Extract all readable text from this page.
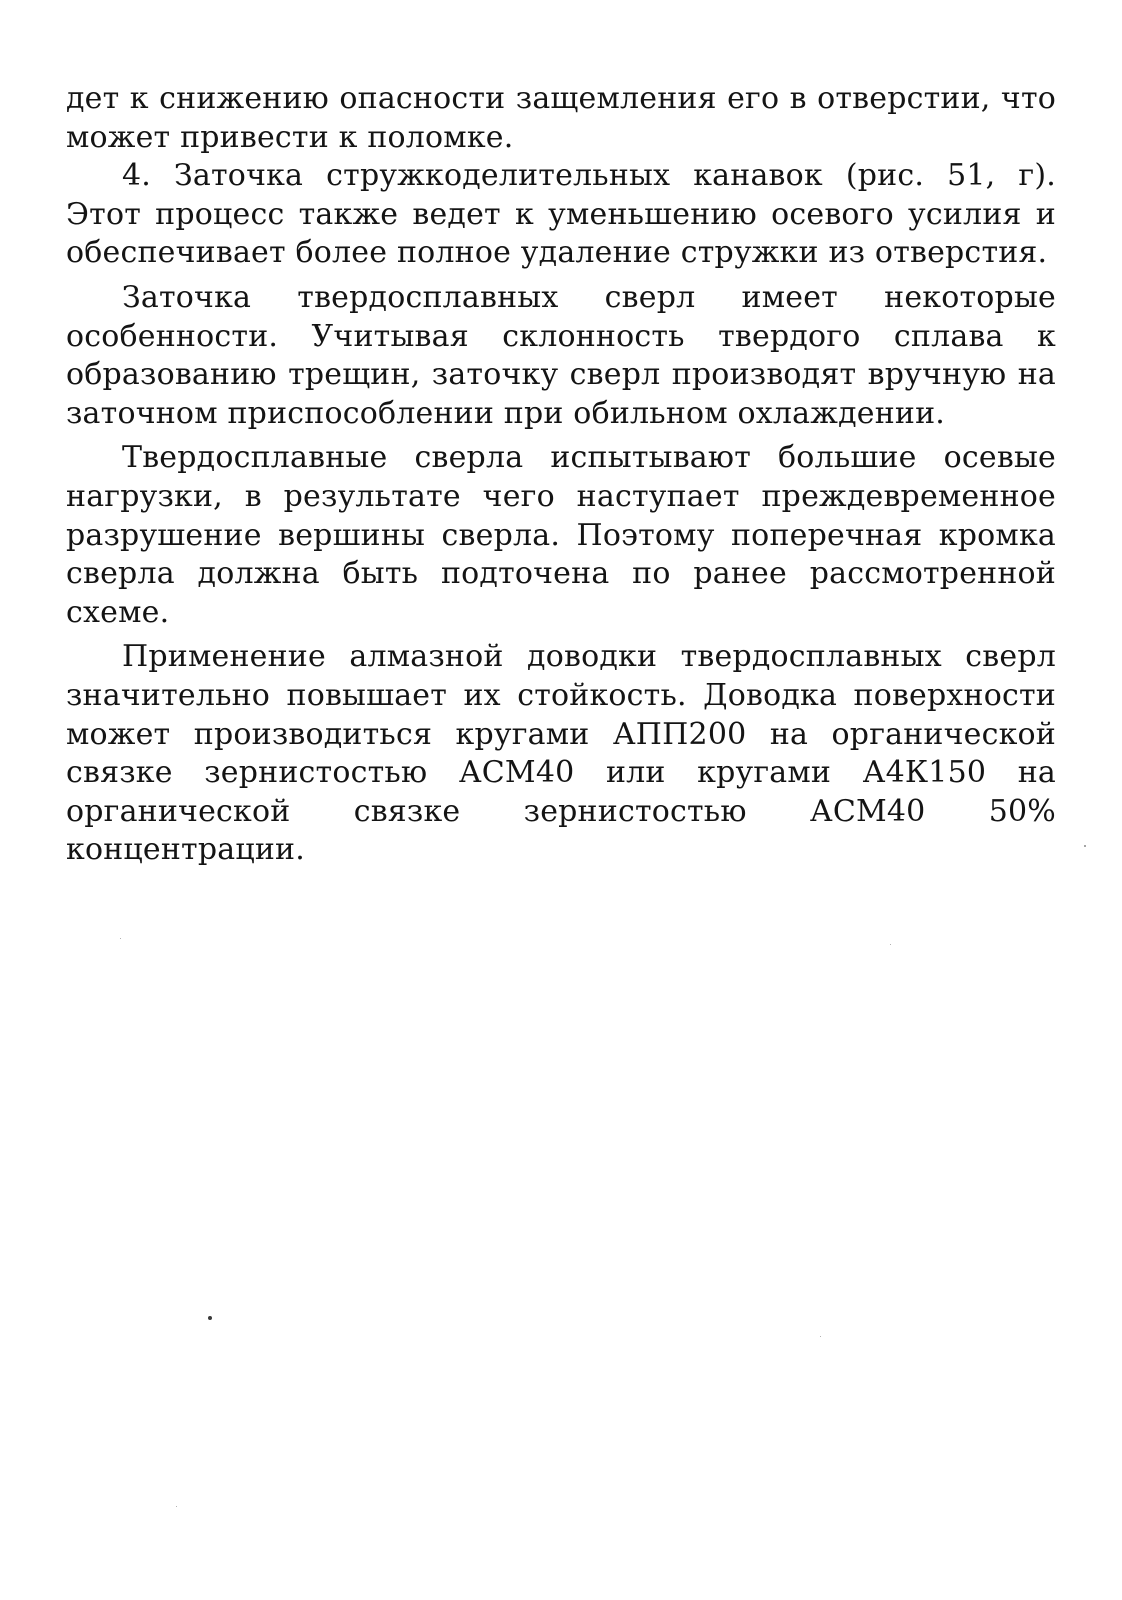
дет к снижению опасности защемления его в отверстии, что может привести к поломке.

4. Заточка стружкоделительных канавок (рис. 51, г). Этот процесс также ведет к уменьшению осевого усилия и обеспечивает более полное удаление стружки из отверстия.

Заточка твердосплавных сверл имеет некоторые особенности. Учитывая склонность твердого сплава к образованию трещин, заточку сверл производят вручную на заточном приспособлении при обильном охлаждении.

Твердосплавные сверла испытывают большие осевые нагрузки, в результате чего наступает преждевременное разрушение вершины сверла. Поэтому поперечная кромка сверла должна быть подточена по ранее рассмотренной схеме.

Применение алмазной доводки твердосплавных сверл значительно повышает их стойкость. Доводка поверхности может производиться кругами АПП200 на органической связке зернистостью АСМ40 или кругами А4К150 на органической связке зернистостью АСМ40 50% концентрации.
